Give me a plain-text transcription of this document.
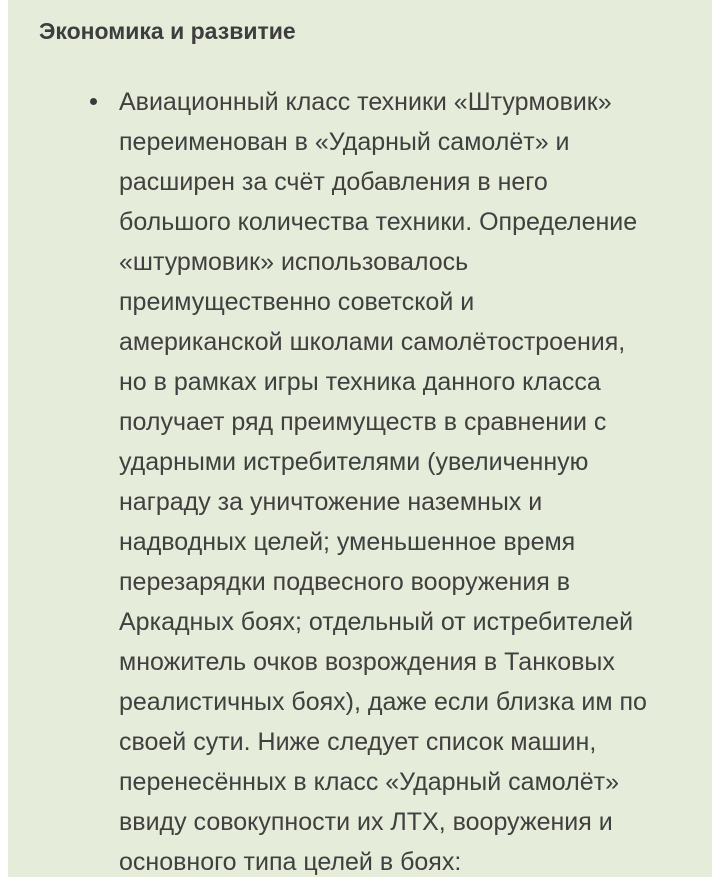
Экономика и развитие

Авиационный класс техники «Штурмовик»
переименован в «Ударный самолёт» и
расширен за счёт добавления в него
большого количества техники. Определение
«штурмовик» использовалось
преимущественно советской и
американской школами самолётостроения,
но в рамках игры техника данного класса
получает ряд преимуществ в сравнении с
ударными истребителями (увеличенную
награду за уничтожение наземных и
надводных целей; уменьшенное время
перезарядки подвесного вооружения в
Аркадных боях; отдельный от истребителей
множитель очков возрождения в Танковых
реалистичных боях), даже если близка им по
своей сути. Ниже следует список машин,
перенесённых в класс «Ударный самолёт»
ввиду совокупности их ЛТХ, вооружения и
основного типа целей в боях:
